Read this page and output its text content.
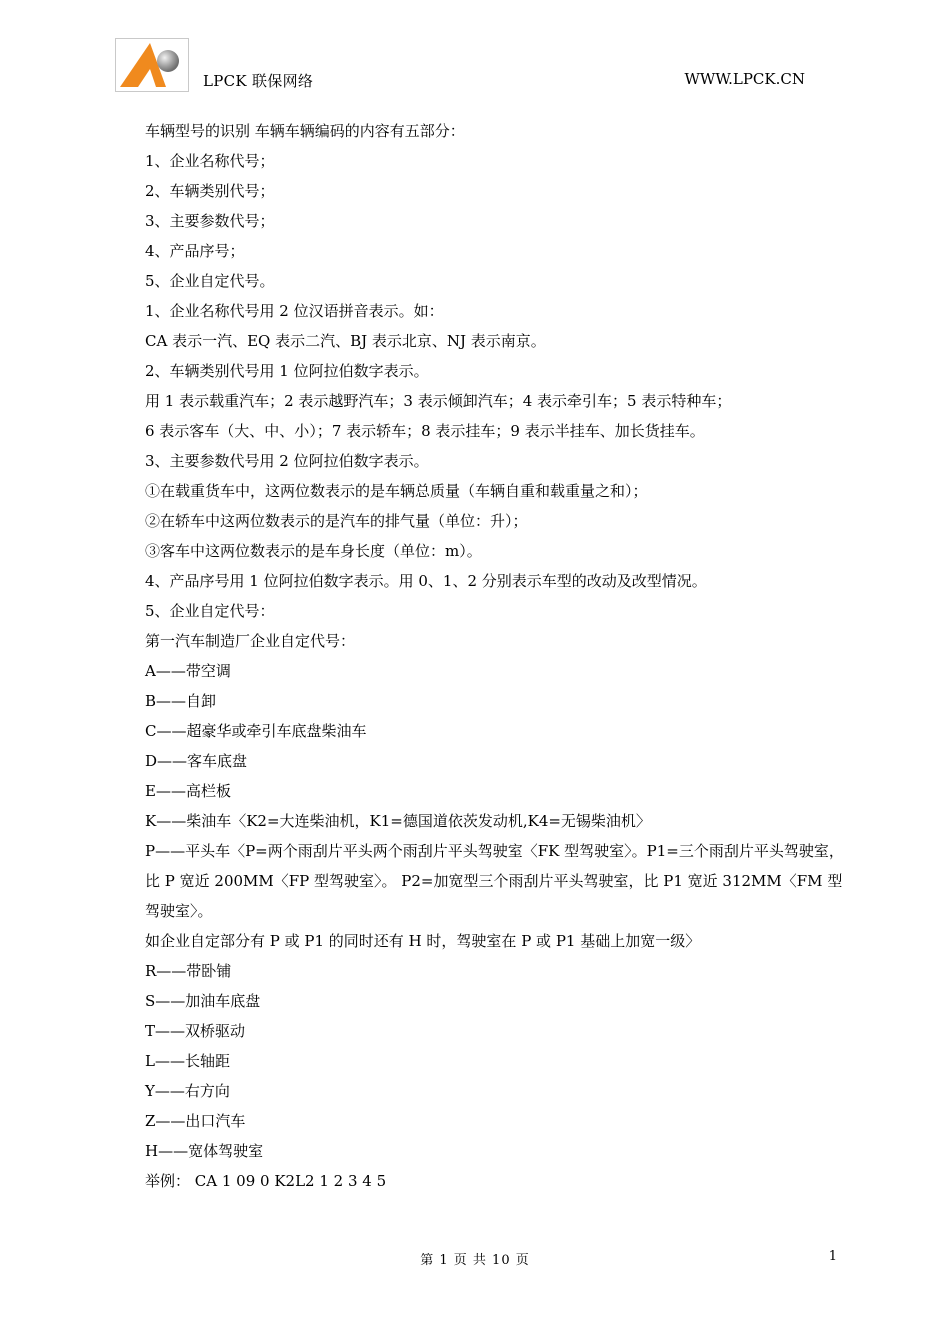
LPCK 联保网络	WWW.LPCK.CN

车辆型号的识别 车辆车辆编码的内容有五部分：

1、企业名称代号；

2、车辆类别代号；

3、主要参数代号；

4、产品序号；

5、企业自定代号。

1、企业名称代号用 2 位汉语拼音表示。如：

CA 表示一汽、EQ 表示二汽、BJ 表示北京、NJ 表示南京。

2、车辆类别代号用 1 位阿拉伯数字表示。

用 1 表示载重汽车；2 表示越野汽车；3 表示倾卸汽车；4 表示牵引车；5 表示特种车；

6 表示客车（大、中、小）；7 表示轿车；8 表示挂车；9 表示半挂车、加长货挂车。

3、主要参数代号用 2 位阿拉伯数字表示。

①在载重货车中，这两位数表示的是车辆总质量（车辆自重和载重量之和）；

②在轿车中这两位数表示的是汽车的排气量（单位：升）；

③客车中这两位数表示的是车身长度（单位：m）。

4、产品序号用 1 位阿拉伯数字表示。用 0、1、2 分别表示车型的改动及改型情况。

5、企业自定代号：

第一汽车制造厂企业自定代号：

A——带空调

B——自卸

C——超豪华或牵引车底盘柴油车

D——客车底盘

E——高栏板

K——柴油车〈K2=大连柴油机，K1=德国道依茨发动机,K4=无锡柴油机〉

P——平头车〈P=两个雨刮片平头两个雨刮片平头驾驶室〈FK 型驾驶室〉。P1=三个雨刮片平头驾驶室，

比 P 宽近 200MM〈FP 型驾驶室〉。 P2=加宽型三个雨刮片平头驾驶室，比 P1 宽近 312MM〈FM 型驾驶室〉。

如企业自定部分有 P 或 P1 的同时还有 H 时，驾驶室在 P 或 P1 基础上加宽一级〉

R——带卧铺

S——加油车底盘

T——双桥驱动

L——长轴距

Y——右方向

Z——出口汽车

H——宽体驾驶室

举例： CA 1 09 0 K2L2 1 2 3 4 5

第 1 页 共 10 页	1
